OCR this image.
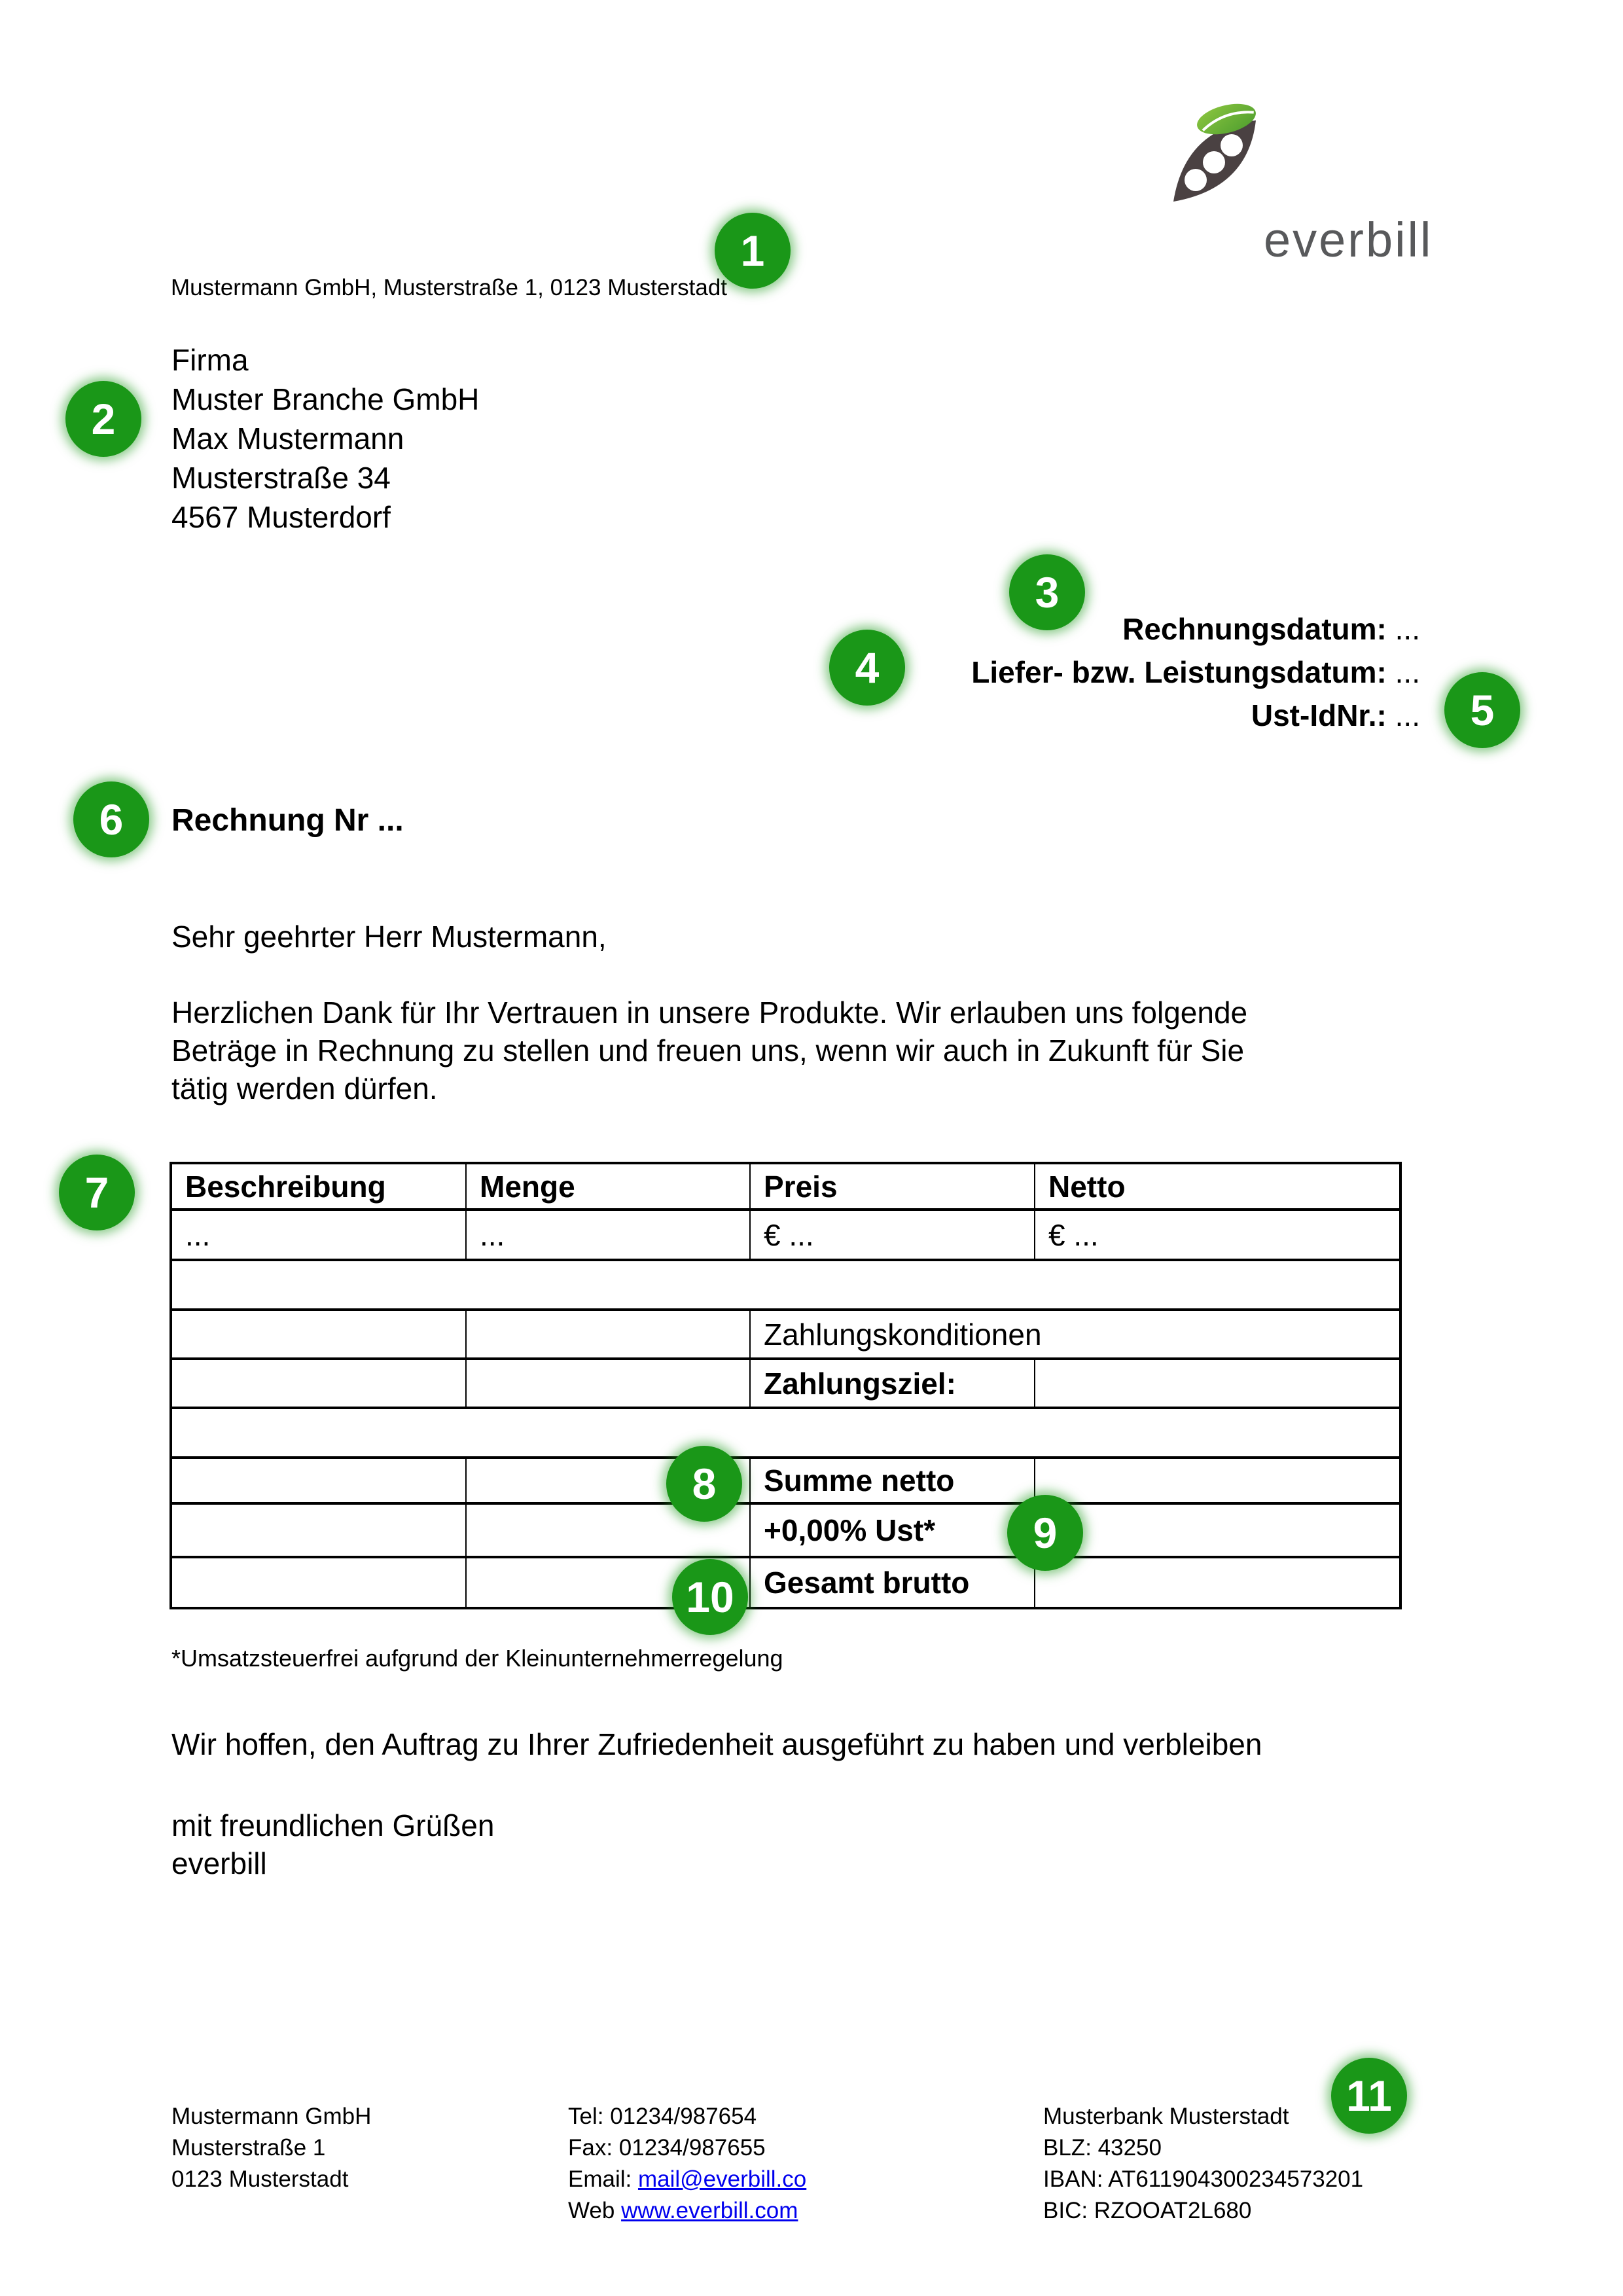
everbill
Mustermann GmbH, Musterstraße 1, 0123 Musterstadt
Firma
Muster Branche GmbH
Max Mustermann
Musterstraße 34
4567 Musterdorf
Rechnungsdatum: ...
Liefer- bzw. Leistungsdatum: ...
Ust-IdNr.: ...
Rechnung Nr ...
Sehr geehrter Herr Mustermann,
Herzlichen Dank für Ihr Vertrauen in unsere Produkte. Wir erlauben uns folgende
Beträge in Rechnung zu stellen und freuen uns, wenn wir auch in Zukunft für Sie
tätig werden dürfen.
Beschreibung	Menge	Preis	Netto
...	...	€ ...	€ ...

		Zahlungskonditionen	
		Zahlungsziel:	

		Summe netto	
		+0,00% Ust*	
		Gesamt brutto	
*Umsatzsteuerfrei aufgrund der Kleinunternehmerregelung
Wir hoffen, den Auftrag zu Ihrer Zufriedenheit ausgeführt zu haben und verbleiben
mit freundlichen Grüßen
everbill
Mustermann GmbH
Musterstraße 1
0123 Musterstadt
Tel: 01234/987654
Fax: 01234/987655
Email: mail@everbill.co
Web www.everbill.com
Musterbank Musterstadt
BLZ: 43250
IBAN: AT611904300234573201
BIC: RZOOAT2L680
1
2
3
4
5
6
7
8
9
10
11
